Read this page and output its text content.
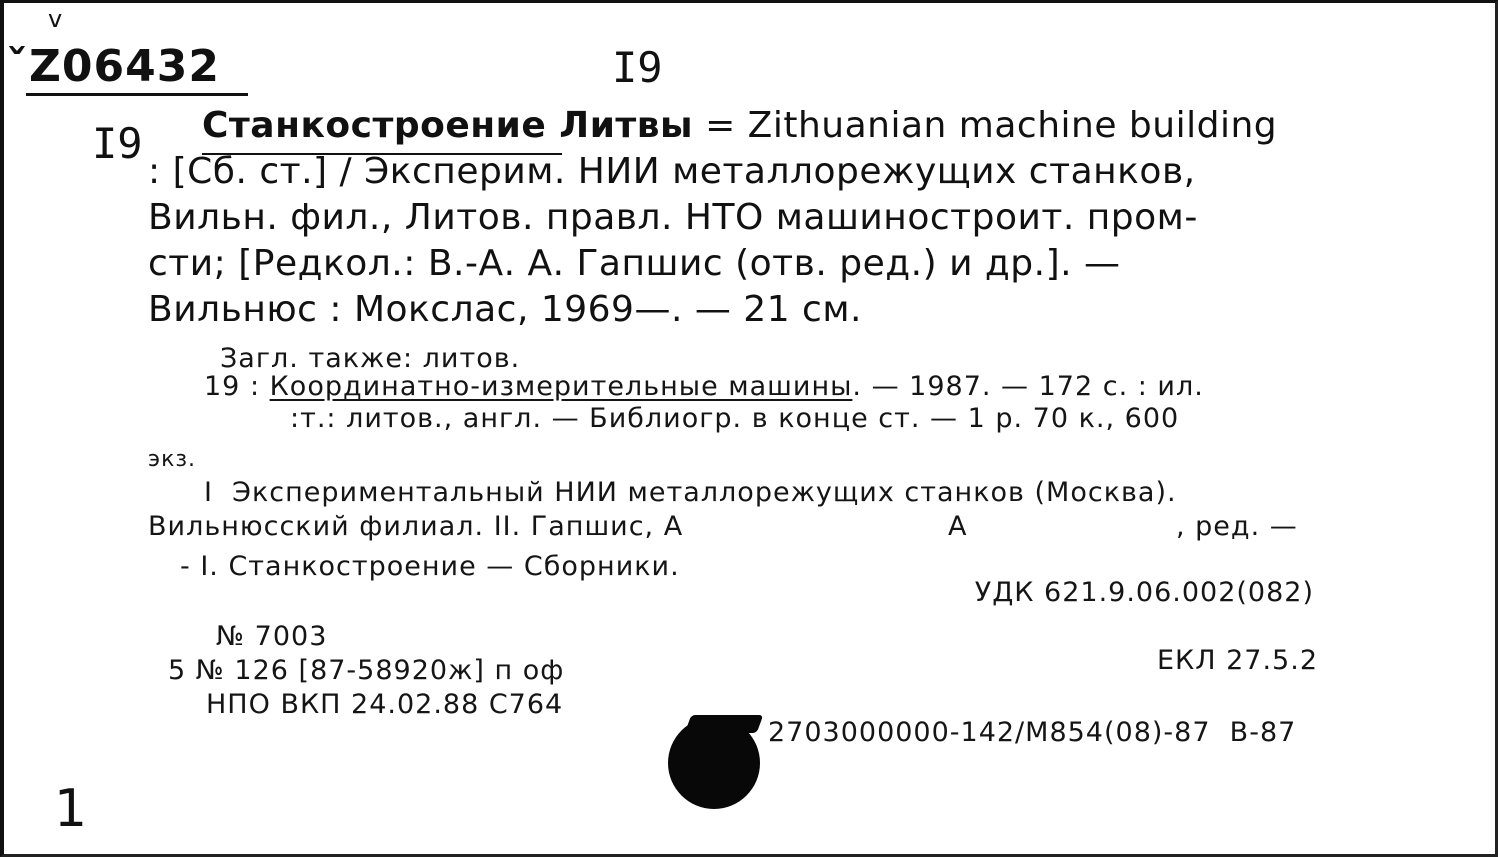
v
̌Z06432	I9
I9 Станкостроение Литвы = Zithuanian machine building
: [Сб. ст.] / Эксперим. НИИ металлорежущих станков,
Вильн. фил., Литов. правл. НТО машиностроит. пром-
сти; [Редкол.: В.-А. А. Гапшис (отв. ред.) и др.]. —
Вильнюс : Мокслас, 1969—. — 21 см.
Загл. также: литов.
19 : Координатно-измерительные машины. — 1987. — 172 с. : ил.
:т.: литов., англ. — Библиогр. в конце ст. — 1 р. 70 к., 600
экз.
I  Экспериментальный НИИ металлорежущих станков (Москва).
Вильнюсский филиал. II. Гапшис, А	А	, ред. —
- I. Станкостроение — Сборники.
УДК 621.9.06.002(082)
ЕКЛ 27.5.2
№ 7003
5 № 126 [87-58920ж] п оф
НПО ВКП 24.02.88 С764
2703000000-142/М854(08)-87  В-87
1
